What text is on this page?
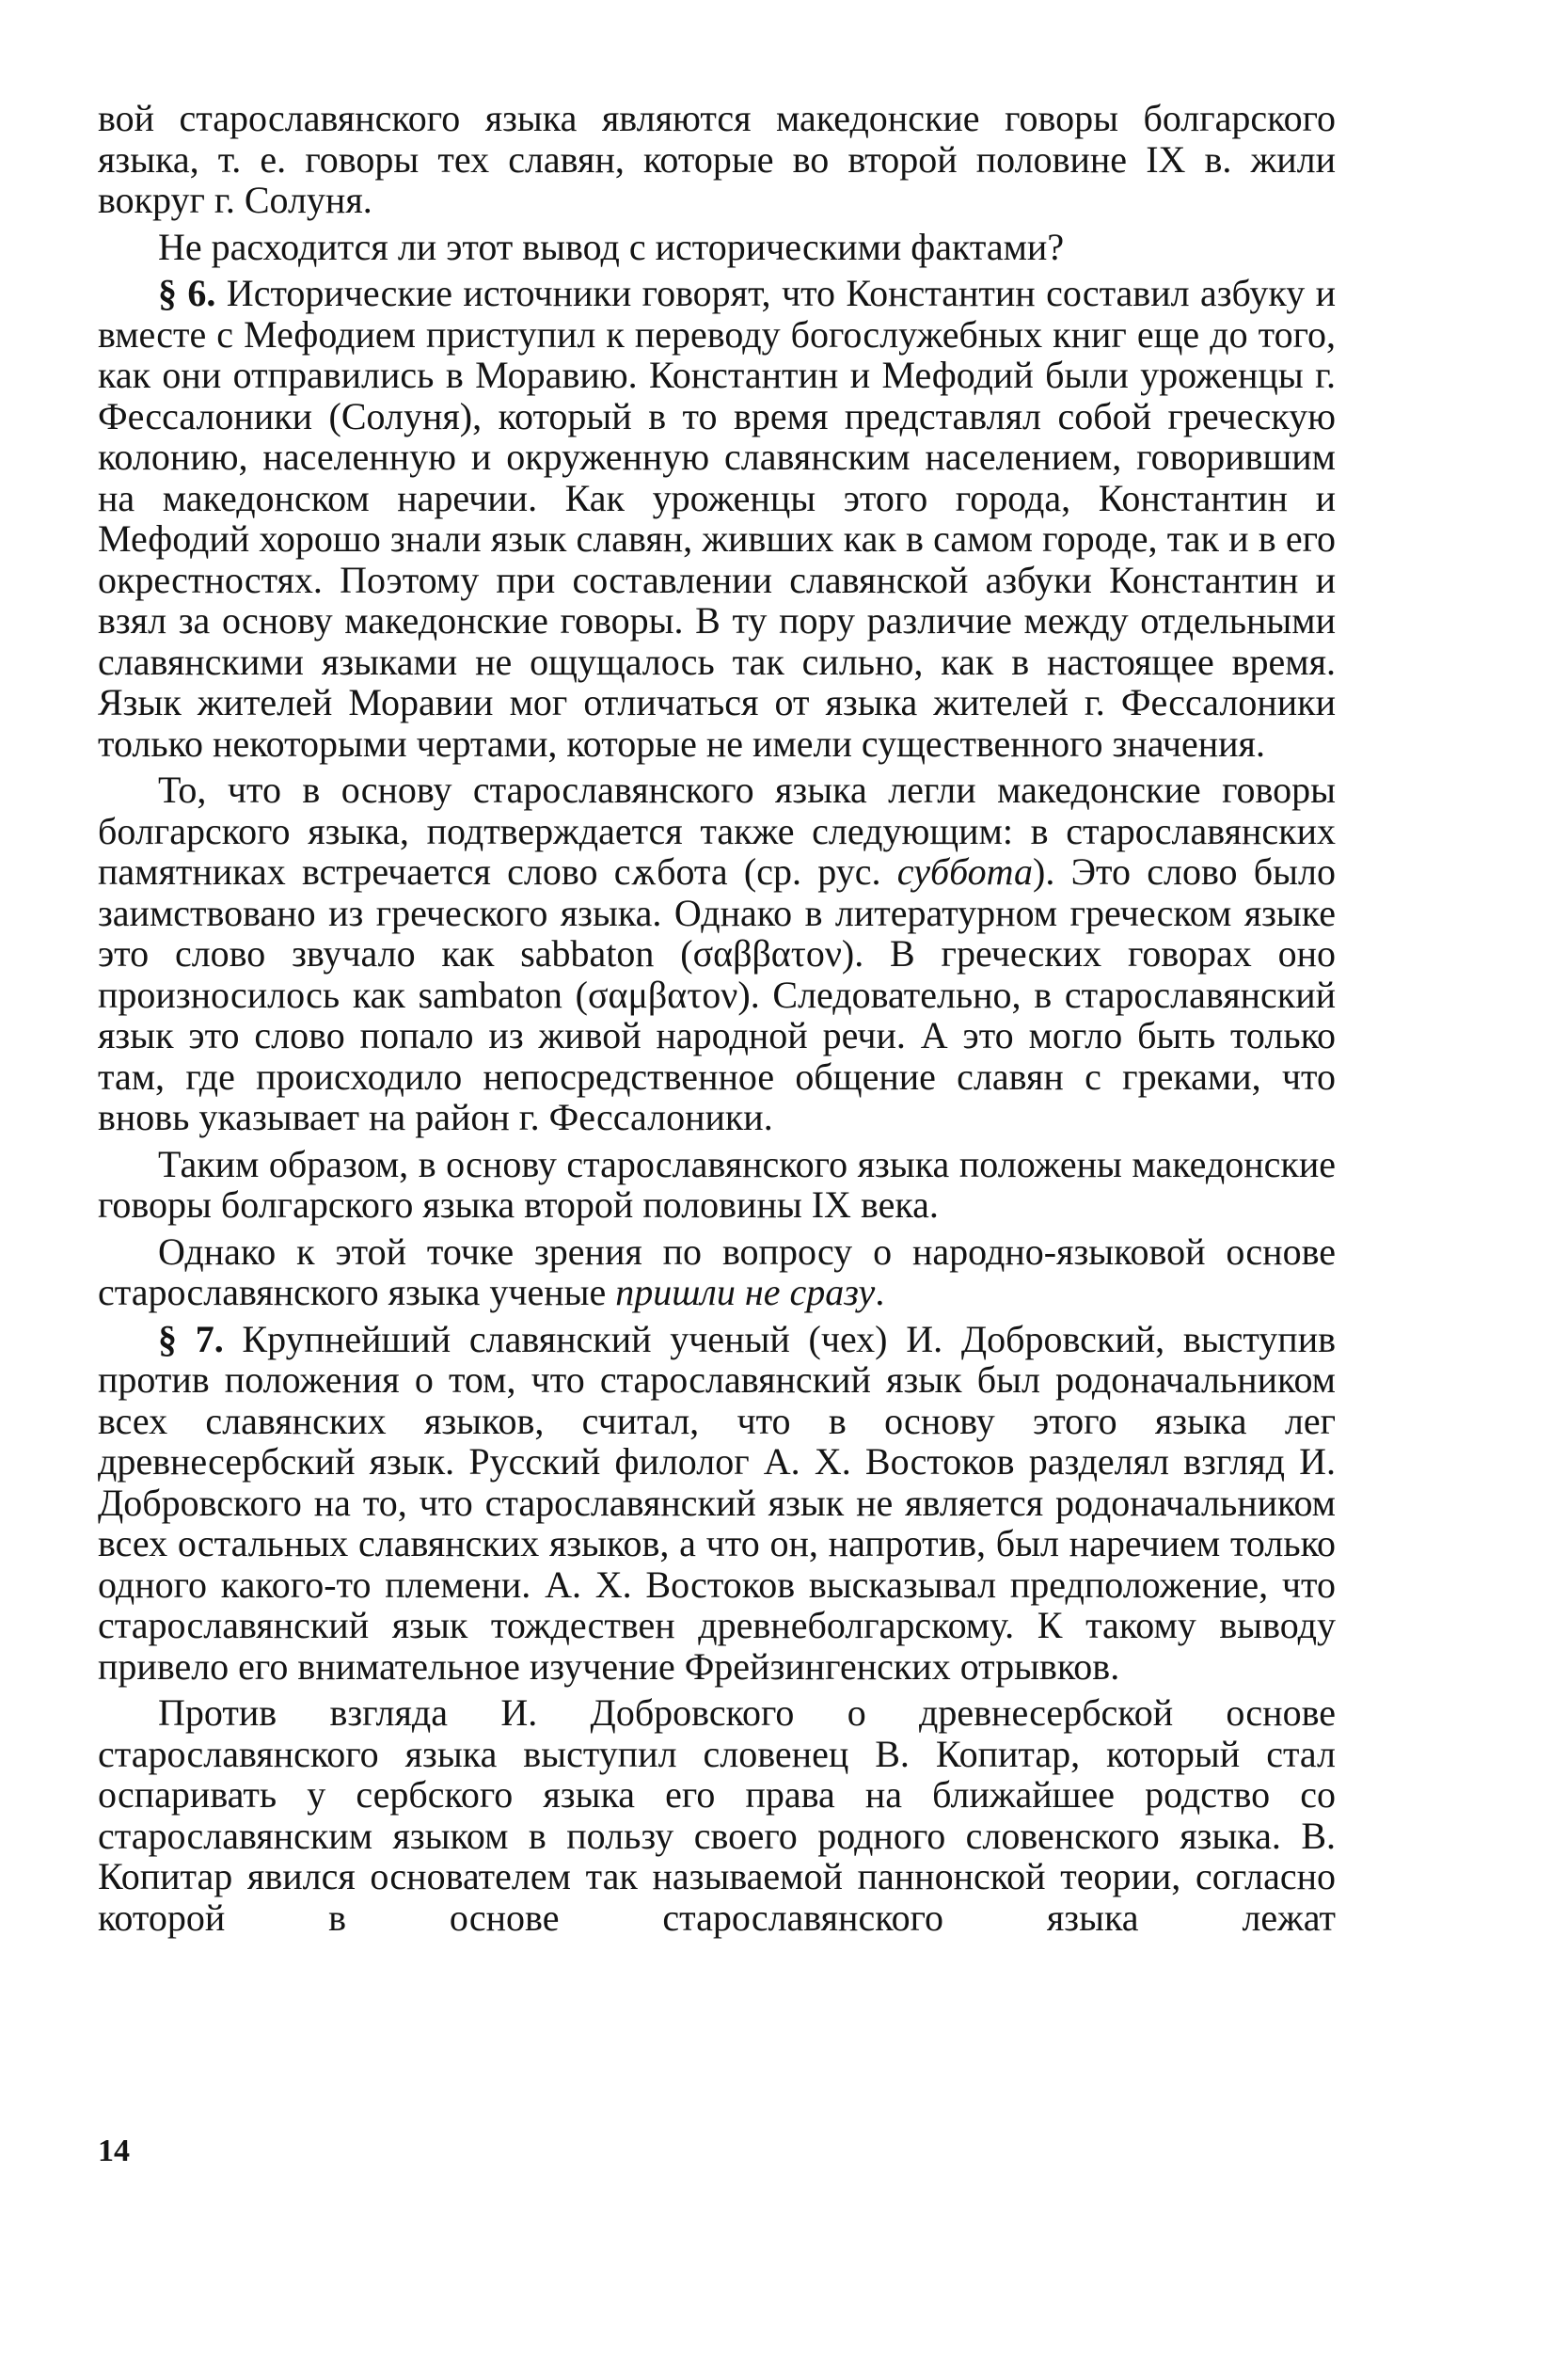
вой старославянского языка являются македонские говоры болгарского языка, т. е. говоры тех славян, которые во второй половине IX в. жили вокруг г. Солуня.

Не расходится ли этот вывод с историческими фактами?

§ 6. Исторические источники говорят, что Константин составил азбуку и вместе с Мефодием приступил к переводу богослужебных книг еще до того, как они отправились в Моравию. Константин и Мефодий были уроженцы г. Фессалоники (Солуня), который в то время представлял собой греческую колонию, населенную и окруженную славянским населением, говорившим на македонском наречии. Как уроженцы этого города, Константин и Мефодий хорошо знали язык славян, живших как в самом городе, так и в его окрестностях. Поэтому при составлении славянской азбуки Константин и взял за основу македонские говоры. В ту пору различие между отдельными славянскими языками не ощущалось так сильно, как в настоящее время. Язык жителей Моравии мог отличаться от языка жителей г. Фессалоники только некоторыми чертами, которые не имели существенного значения.

То, что в основу старославянского языка легли македонские говоры болгарского языка, подтверждается также следующим: в старославянских памятниках встречается слово сѫбота (ср. рус. суббота). Это слово было заимствовано из греческого языка. Однако в литературном греческом языке это слово звучало как sabbaton (σαββατον). В греческих говорах оно произносилось как sambaton (σαμβατον). Следовательно, в старославянский язык это слово попало из живой народной речи. А это могло быть только там, где происходило непосредственное общение славян с греками, что вновь указывает на район г. Фессалоники.

Таким образом, в основу старославянского языка положены македонские говоры болгарского языка второй половины IX века.

Однако к этой точке зрения по вопросу о народно-языковой основе старославянского языка ученые пришли не сразу.

§ 7. Крупнейший славянский ученый (чех) И. Добровский, выступив против положения о том, что старославянский язык был родоначальником всех славянских языков, считал, что в основу этого языка лег древнесербский язык. Русский филолог А. Х. Востоков разделял взгляд И. Добровского на то, что старославянский язык не является родоначальником всех остальных славянских языков, а что он, напротив, был наречием только одного какого-то племени. А. Х. Востоков высказывал предположение, что старославянский язык тождествен древнеболгарскому. К такому выводу привело его внимательное изучение Фрейзингенских отрывков.

Против взгляда И. Добровского о древнесербской основе старославянского языка выступил словенец В. Копитар, который стал оспаривать у сербского языка его права на ближайшее родство со старославянским языком в пользу своего родного словенского языка. В. Копитар явился основателем так называемой паннонской теории, согласно которой в основе старославянского языка лежат

14
